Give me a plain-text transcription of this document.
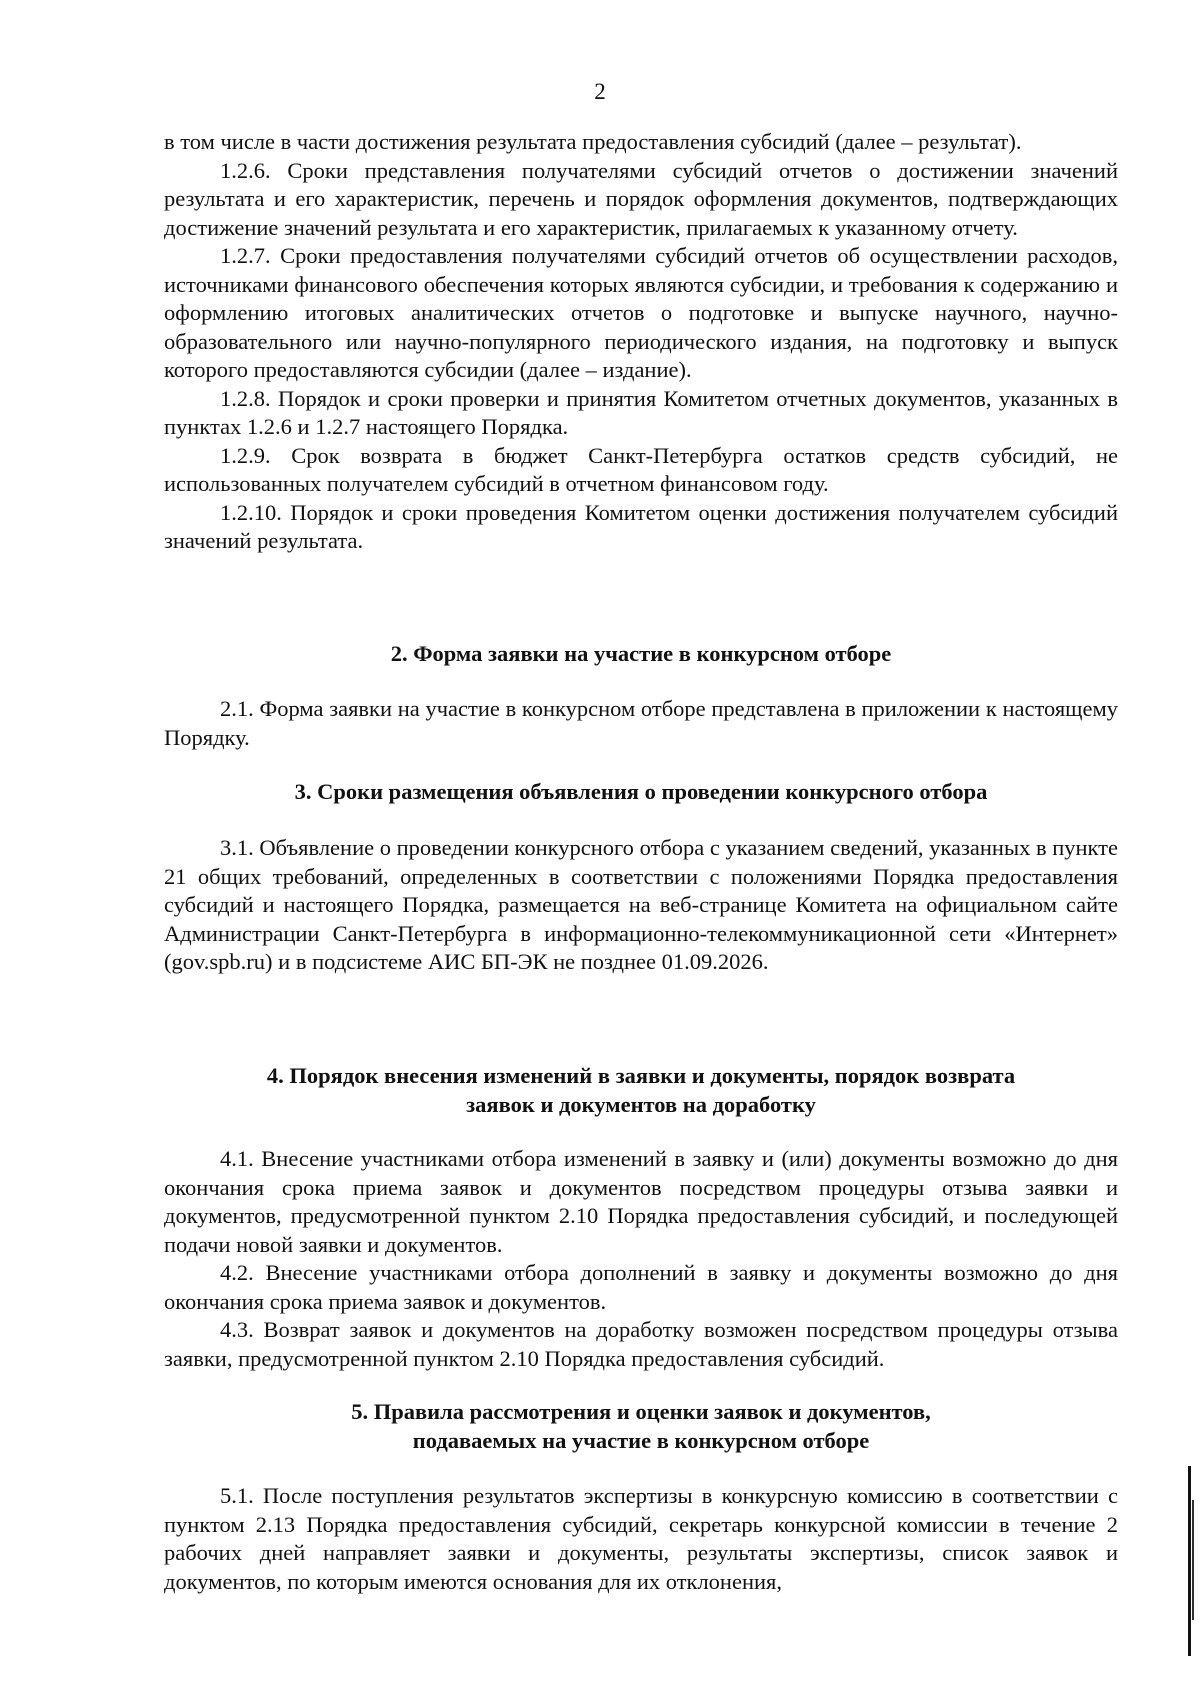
2

в том числе в части достижения результата предоставления субсидий (далее – результат).

1.2.6. Сроки представления получателями субсидий отчетов о достижении значений результата и его характеристик, перечень и порядок оформления документов, подтверждающих достижение значений результата и его характеристик, прилагаемых к указанному отчету.

1.2.7. Сроки предоставления получателями субсидий отчетов об осуществлении расходов, источниками финансового обеспечения которых являются субсидии, и требования к содержанию и оформлению итоговых аналитических отчетов о подготовке и выпуске научного, научно-образовательного или научно-популярного периодического издания, на подготовку и выпуск которого предоставляются субсидии (далее – издание).

1.2.8. Порядок и сроки проверки и принятия Комитетом отчетных документов, указанных в пунктах 1.2.6 и 1.2.7 настоящего Порядка.

1.2.9. Срок возврата в бюджет Санкт-Петербурга остатков средств субсидий, не использованных получателем субсидий в отчетном финансовом году.

1.2.10. Порядок и сроки проведения Комитетом оценки достижения получателем субсидий значений результата.

2. Форма заявки на участие в конкурсном отборе

2.1. Форма заявки на участие в конкурсном отборе представлена в приложении к настоящему Порядку.

3. Сроки размещения объявления о проведении конкурсного отбора

3.1. Объявление о проведении конкурсного отбора с указанием сведений, указанных в пункте 21 общих требований, определенных в соответствии с положениями Порядка предоставления субсидий и настоящего Порядка, размещается на веб-странице Комитета на официальном сайте Администрации Санкт-Петербурга в информационно-телекоммуникационной сети «Интернет» (gov.spb.ru) и в подсистеме АИС БП-ЭК не позднее 01.09.2026.

4. Порядок внесения изменений в заявки и документы, порядок возврата
заявок и документов на доработку

4.1. Внесение участниками отбора изменений в заявку и (или) документы возможно до дня окончания срока приема заявок и документов посредством процедуры отзыва заявки и документов, предусмотренной пунктом 2.10 Порядка предоставления субсидий, и последующей подачи новой заявки и документов.

4.2. Внесение участниками отбора дополнений в заявку и документы возможно до дня окончания срока приема заявок и документов.

4.3. Возврат заявок и документов на доработку возможен посредством процедуры отзыва заявки, предусмотренной пунктом 2.10 Порядка предоставления субсидий.

5. Правила рассмотрения и оценки заявок и документов,
подаваемых на участие в конкурсном отборе

5.1. После поступления результатов экспертизы в конкурсную комиссию в соответствии с пунктом 2.13 Порядка предоставления субсидий, секретарь конкурсной комиссии в течение 2 рабочих дней направляет заявки и документы, результаты экспертизы, список заявок и документов, по которым имеются основания для их отклонения,
